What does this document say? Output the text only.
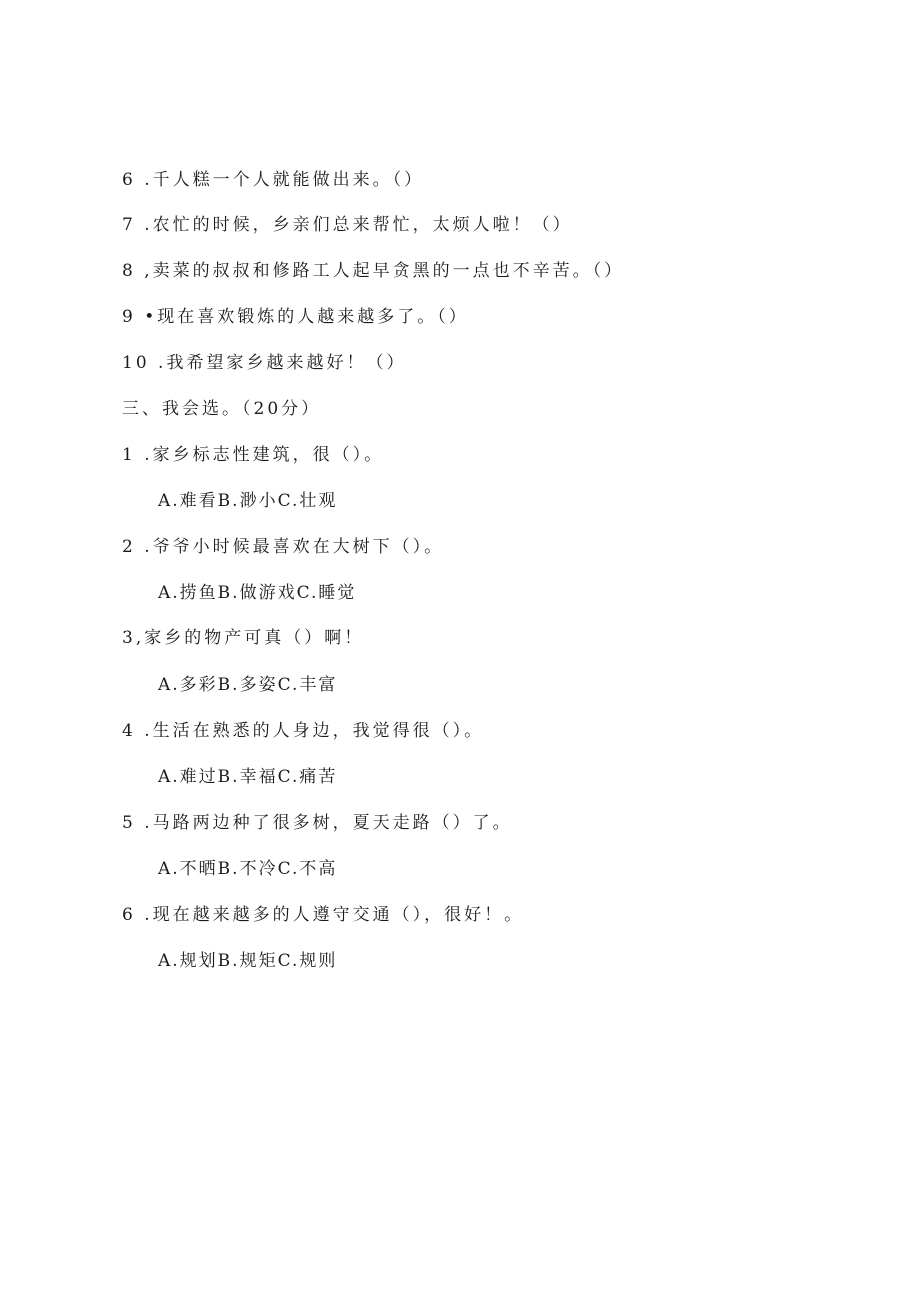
6 .千人糕一个人就能做出来。（）
7 .农忙的时候，乡亲们总来帮忙，太烦人啦！（）
8 ,卖菜的叔叔和修路工人起早贪黑的一点也不辛苦。（）
9 •现在喜欢锻炼的人越来越多了。（）
10 .我希望家乡越来越好！（）
三、我会选。（20分）
1 .家乡标志性建筑，很（）。
A.难看B.渺小C.壮观
2 .爷爷小时候最喜欢在大树下（）。
A.捞鱼B.做游戏C.睡觉
3,家乡的物产可真（）啊！
A.多彩B.多姿C.丰富
4 .生活在熟悉的人身边，我觉得很（）。
A.难过B.幸福C.痛苦
5 .马路两边种了很多树，夏天走路（）了。
A.不晒B.不冷C.不高
6 .现在越来越多的人遵守交通（），很好！。
A.规划B.规矩C.规则
